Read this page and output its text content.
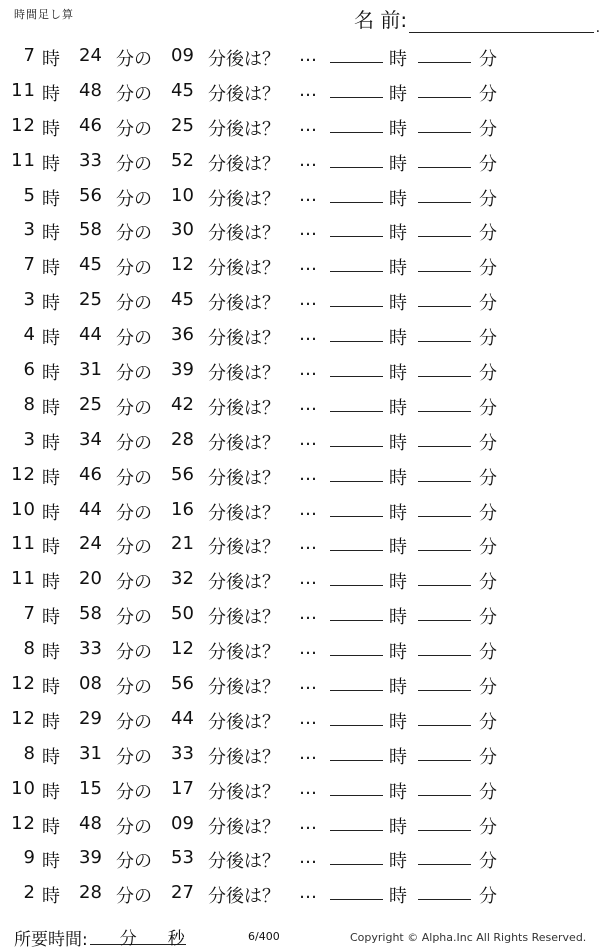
時間足し算	名 前:
.
7 時 24 分の 09 分後は？ …	時	分
11 時 48 分の 45 分後は？ …	時	分
12 時 46 分の 25 分後は？ …	時	分
11 時 33 分の 52 分後は？ …	時	分
5 時 56 分の 10 分後は？ …	時	分
3 時 58 分の 30 分後は？ …	時	分
7 時 45 分の 12 分後は？ …	時	分
3 時 25 分の 45 分後は？ …	時	分
4 時 44 分の 36 分後は？ …	時	分
6 時 31 分の 39 分後は？ …	時	分
8 時 25 分の 42 分後は？ …	時	分
3 時 34 分の 28 分後は？ …	時	分
12 時 46 分の 56 分後は？ …	時	分
10 時 44 分の 16 分後は？ …	時	分
11 時 24 分の 21 分後は？ …	時	分
11 時 20 分の 32 分後は？ …	時	分
7 時 58 分の 50 分後は？ …	時	分
8 時 33 分の 12 分後は？ …	時	分
12 時 08 分の 56 分後は？ …	時	分
12 時 29 分の 44 分後は？ …	時	分
8 時 31 分の 33 分後は？ …	時	分
10 時 15 分の 17 分後は？ …	時	分
12 時 48 分の 09 分後は？ …	時	分
9 時 39 分の 53 分後は？ …	時	分
2 時 28 分の 27 分後は？ …	時	分
所要時間: 分 秒	6/400	Copyright © Alpha.Inc All Rights Reserved.
